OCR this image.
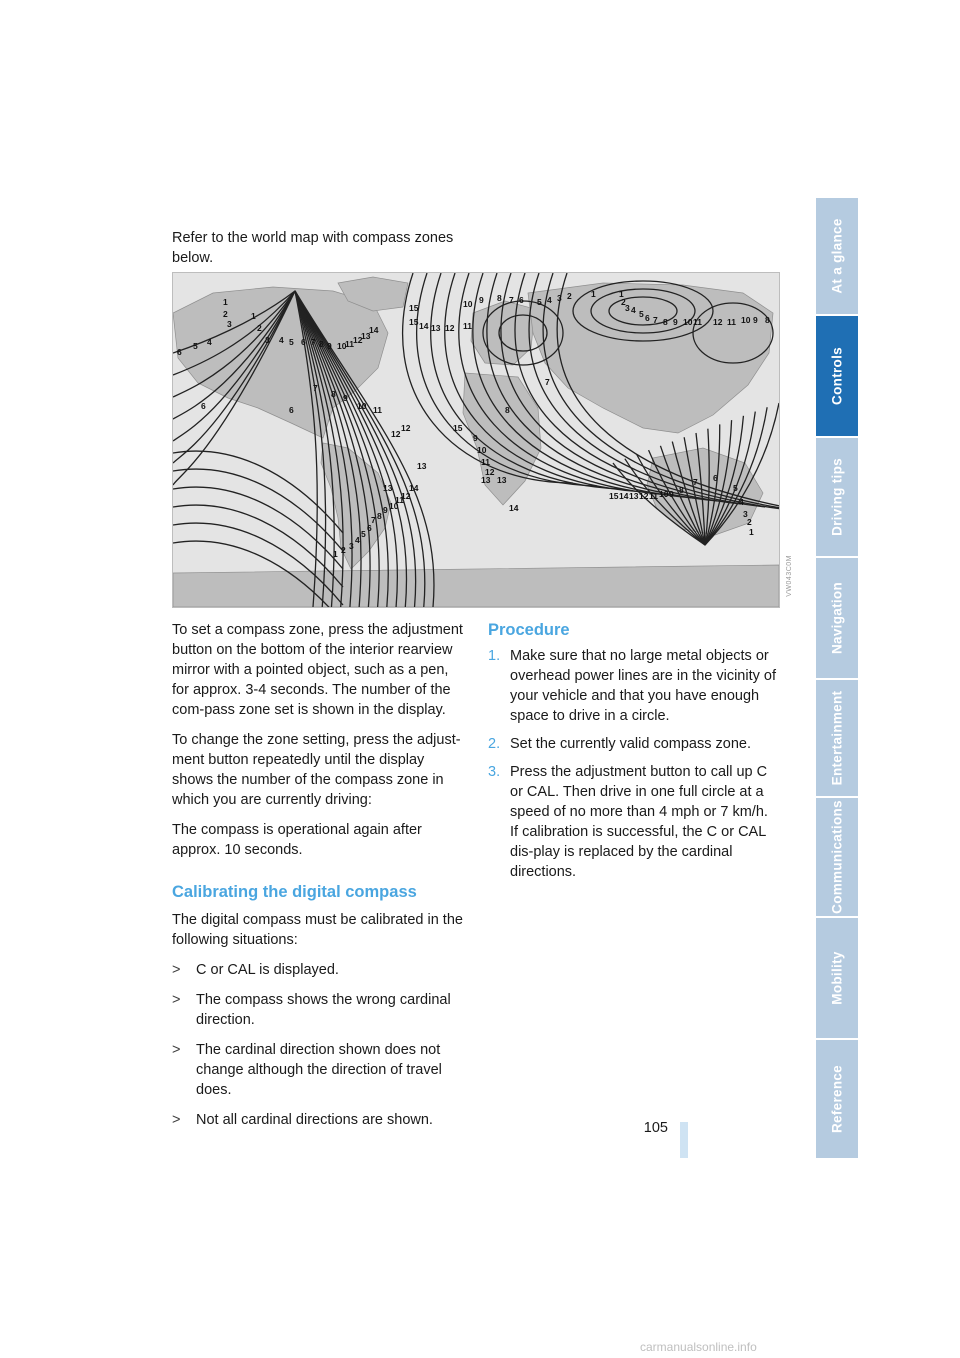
Refer to the world map with compass zones below.
1
2	1
3	2
6
5 4	3 4 5 6 7 8 9 10
11 12
13
14
15	10 9 8 7 6 5 4 3 2 1	1
2
3 4 5 6 7 8 9 10 11 12 11 10 9 8
15 14 13 12 11
6	6
7
8 9
10 11
12
13
14
13
12
13
14
15
9
10
11
12
13
7
8
1 2 3
4
5
6
7 8
9 10
11
12	15 14 13 12 11 10 9 8
7 6
5
4
3
2
1
VW043C0M

To set a compass zone, press the adjustment button on the bottom of the interior rearview mirror with a pointed object, such as a pen, for approx. 3-4 seconds. The number of the com-pass zone set is shown in the display.

To change the zone setting, press the adjust-ment button repeatedly until the display shows the number of the compass zone in which you are currently driving:

The compass is operational again after approx. 10 seconds.

Calibrating the digital compass

The digital compass must be calibrated in the following situations:

> C or CAL is displayed.
> The compass shows the wrong cardinal direction.
> The cardinal direction shown does not change although the direction of travel does.
> Not all cardinal directions are shown.
Procedure
1. Make sure that no large metal objects or overhead power lines are in the vicinity of your vehicle and that you have enough space to drive in a circle.
2. Set the currently valid compass zone.
3. Press the adjustment button to call up C or CAL. Then drive in one full circle at a speed of no more than 4 mph or 7 km/h.
If calibration is successful, the C or CAL dis-play is replaced by the cardinal directions.
105
At a glance
Controls
Driving tips
Navigation
Entertainment
Communications
Mobility
Reference
carmanualsonline.info
